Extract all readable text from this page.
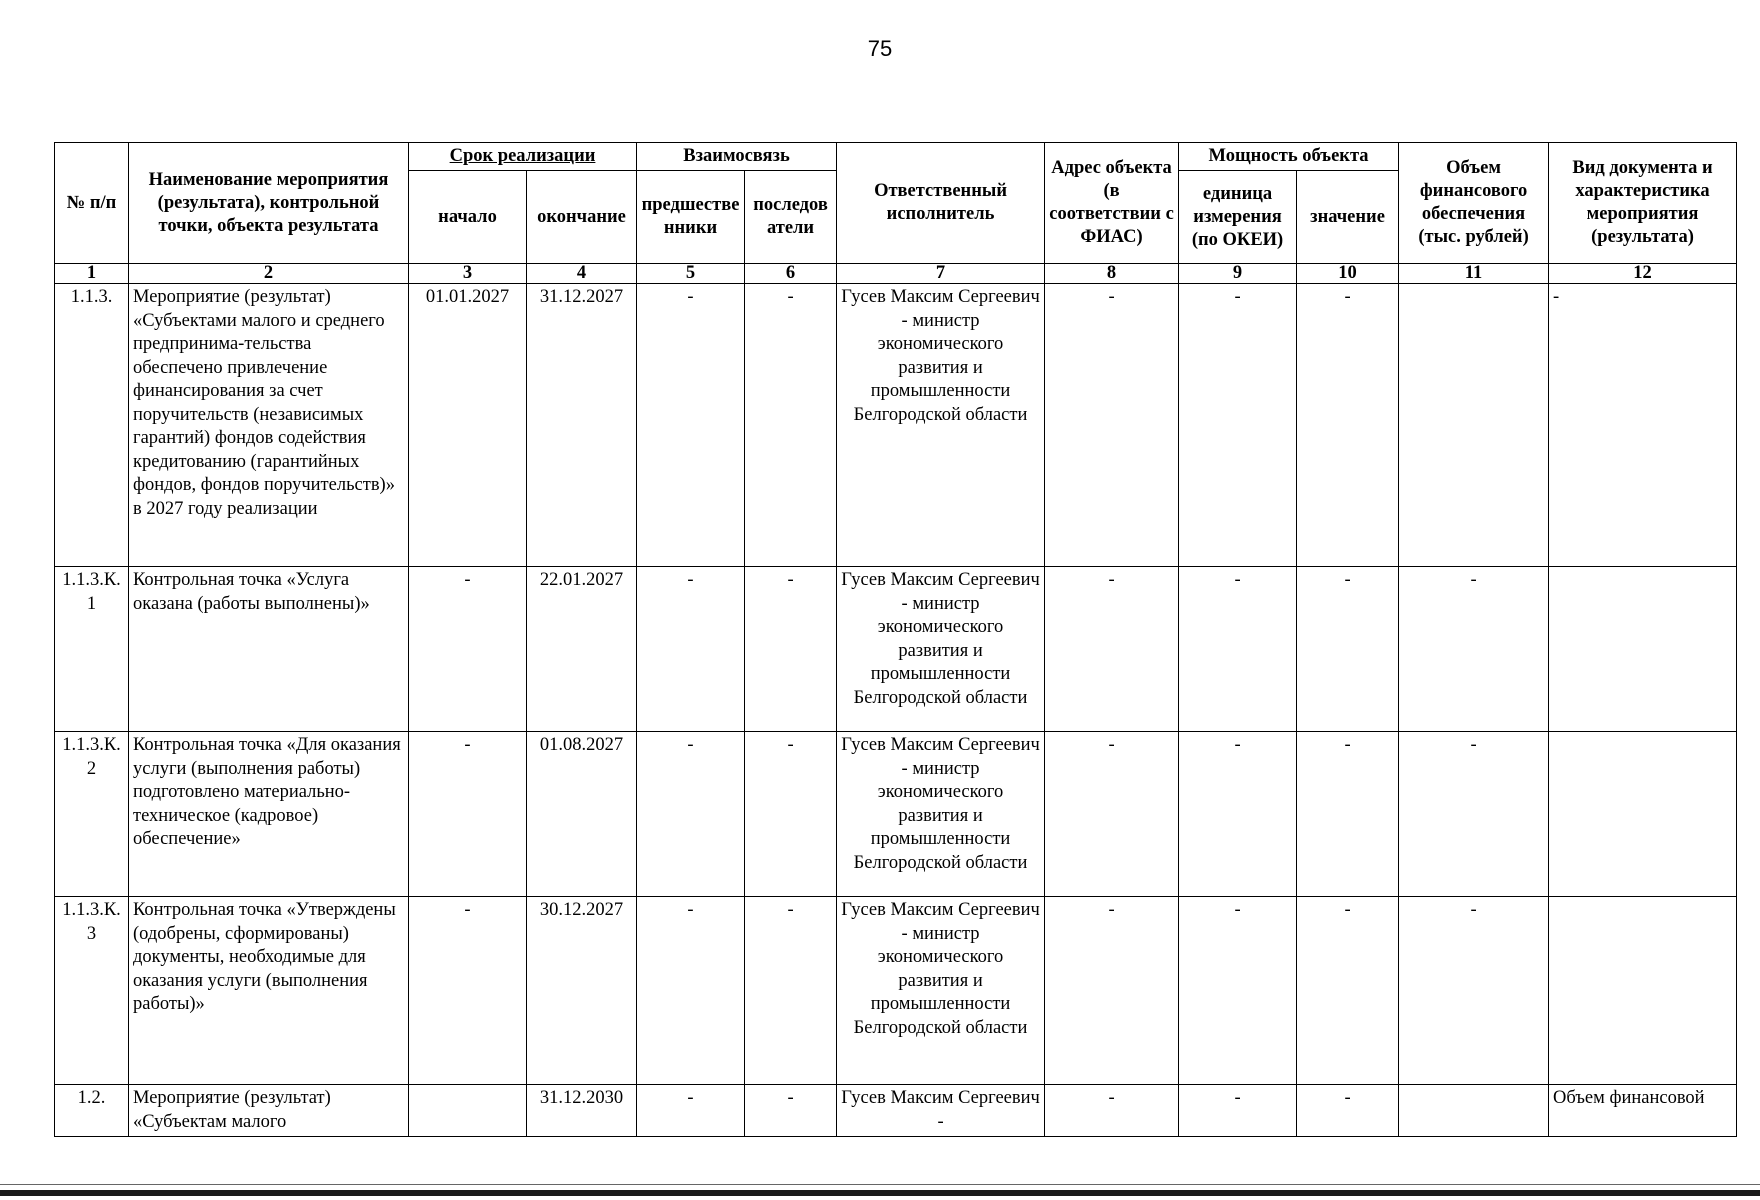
75
№ п/п	Наименование мероприятия (результата), контрольной точки, объекта результата	Срок реализации		Взаимосвязь		Ответственный исполнитель	Адрес объекта (в соответствии с ФИАС)	Мощность объекта		Объем финансового обеспечения (тыс. рублей)	Вид документа и характеристика мероприятия (результата)
		начало	окончание	предшественники	последователи			единица измерения (по ОКЕИ)	значение		
1	2	3	4	5	6	7	8	9	10	11	12
1.1.3.	Мероприятие (результат) «Субъектами малого и среднего предпринима-тельства обеспечено привлечение финансирования за счет поручительств (независимых гарантий) фондов содействия кредитованию (гарантийных фондов, фондов поручительств)» в 2027 году реализации	01.01.2027	31.12.2027	-	-	Гусев Максим Сергеевич - министр экономического развития и промышленности Белгородской области	-	-	-		-
1.1.3.К.1	Контрольная точка «Услуга оказана (работы выполнены)»	-	22.01.2027	-	-	Гусев Максим Сергеевич - министр экономического развития и промышленности Белгородской области	-	-	-	-	
1.1.3.К.2	Контрольная точка «Для оказания услуги (выполнения работы) подготовлено материально-техническое (кадровое) обеспечение»	-	01.08.2027	-	-	Гусев Максим Сергеевич - министр экономического развития и промышленности Белгородской области	-	-	-	-	
1.1.3.К.3	Контрольная точка «Утверждены (одобрены, сформированы) документы, необходимые для оказания услуги (выполнения работы)»	-	30.12.2027	-	-	Гусев Максим Сергеевич - министр экономического развития и промышленности Белгородской области	-	-	-	-	
1.2.	Мероприятие (результат) «Субъектам малого		31.12.2030	-	-	Гусев Максим Сергеевич -	-	-	-		Объем финансовой
